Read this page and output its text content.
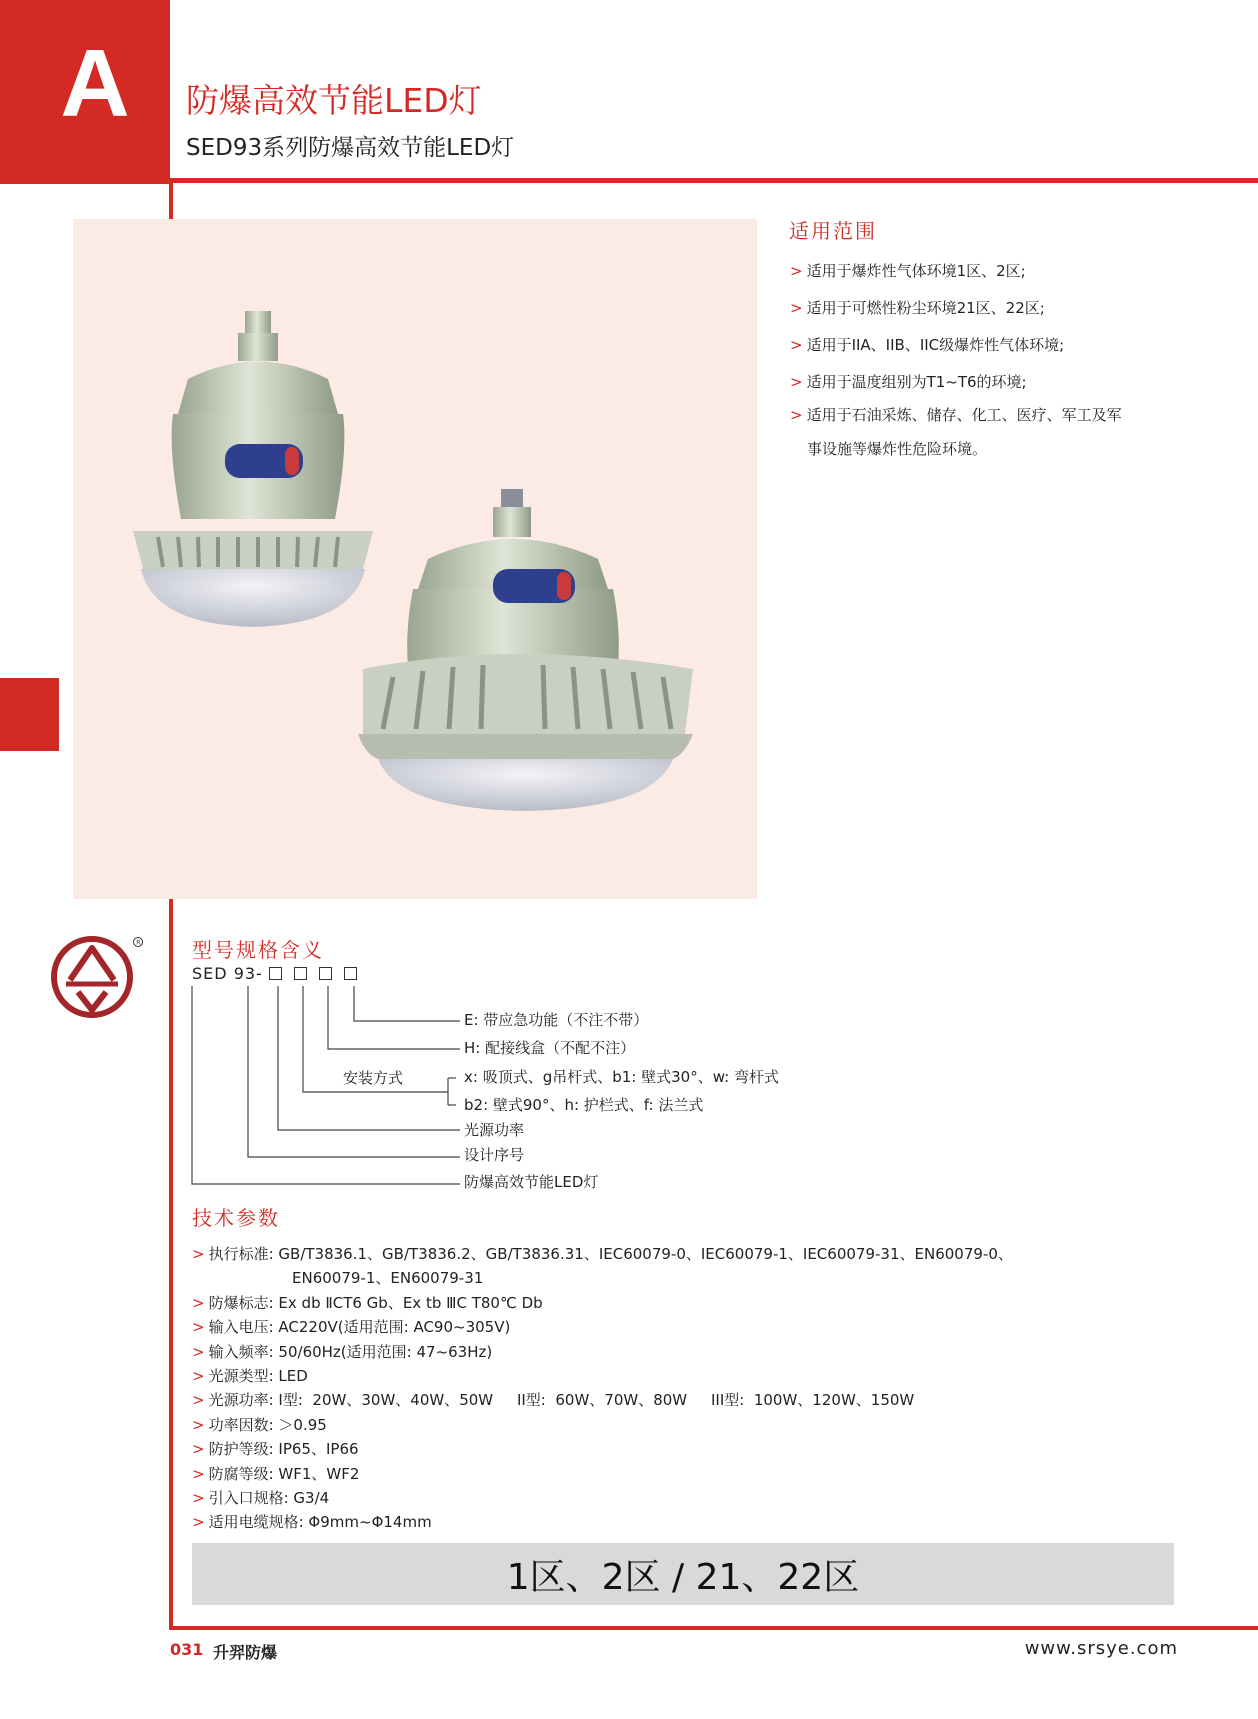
A	防爆高效节能LED灯
SED93系列防爆高效节能LED灯
适用范围
> 适用于爆炸性气体环境1区、2区;
> 适用于可燃性粉尘环境21区、22区;
> 适用于IIA、IIB、IIC级爆炸性气体环境;
> 适用于温度组别为T1~T6的环境;
> 适用于石油采炼、储存、化工、医疗、军工及军
事设施等爆炸性危险环境。
R	型号规格含义
SED 93-
E: 带应急功能（不注不带）
H: 配接线盒（不配不注）
安装方式	x: 吸顶式、g吊杆式、b1: 壁式30°、w: 弯杆式
b2: 壁式90°、h: 护栏式、f: 法兰式
光源功率
设计序号
防爆高效节能LED灯
技术参数
> 执行标准: GB/T3836.1、GB/T3836.2、GB/T3836.31、IEC60079-0、IEC60079-1、IEC60079-31、EN60079-0、
EN60079-1、EN60079-31
> 防爆标志: Ex db ⅡCT6 Gb、Ex tb ⅢC T80℃ Db
>输入电压: AC220V(适用范围: AC90~305V)
> 输入频率: 50/60Hz(适用范围: 47~63Hz)
> 光源类型: LED
> 光源功率: I型:  20W、30W、40W、50W     II型:  60W、70W、80W     III型:  100W、120W、150W
> 功率因数: ＞0.95
> 防护等级: IP65、IP66
> 防腐等级: WF1、WF2
> 引入口规格: G3/4
> 适用电缆规格: Φ9mm~Φ14mm
1区、2区 / 21、22区
031 升羿防爆	www.srsye.com
